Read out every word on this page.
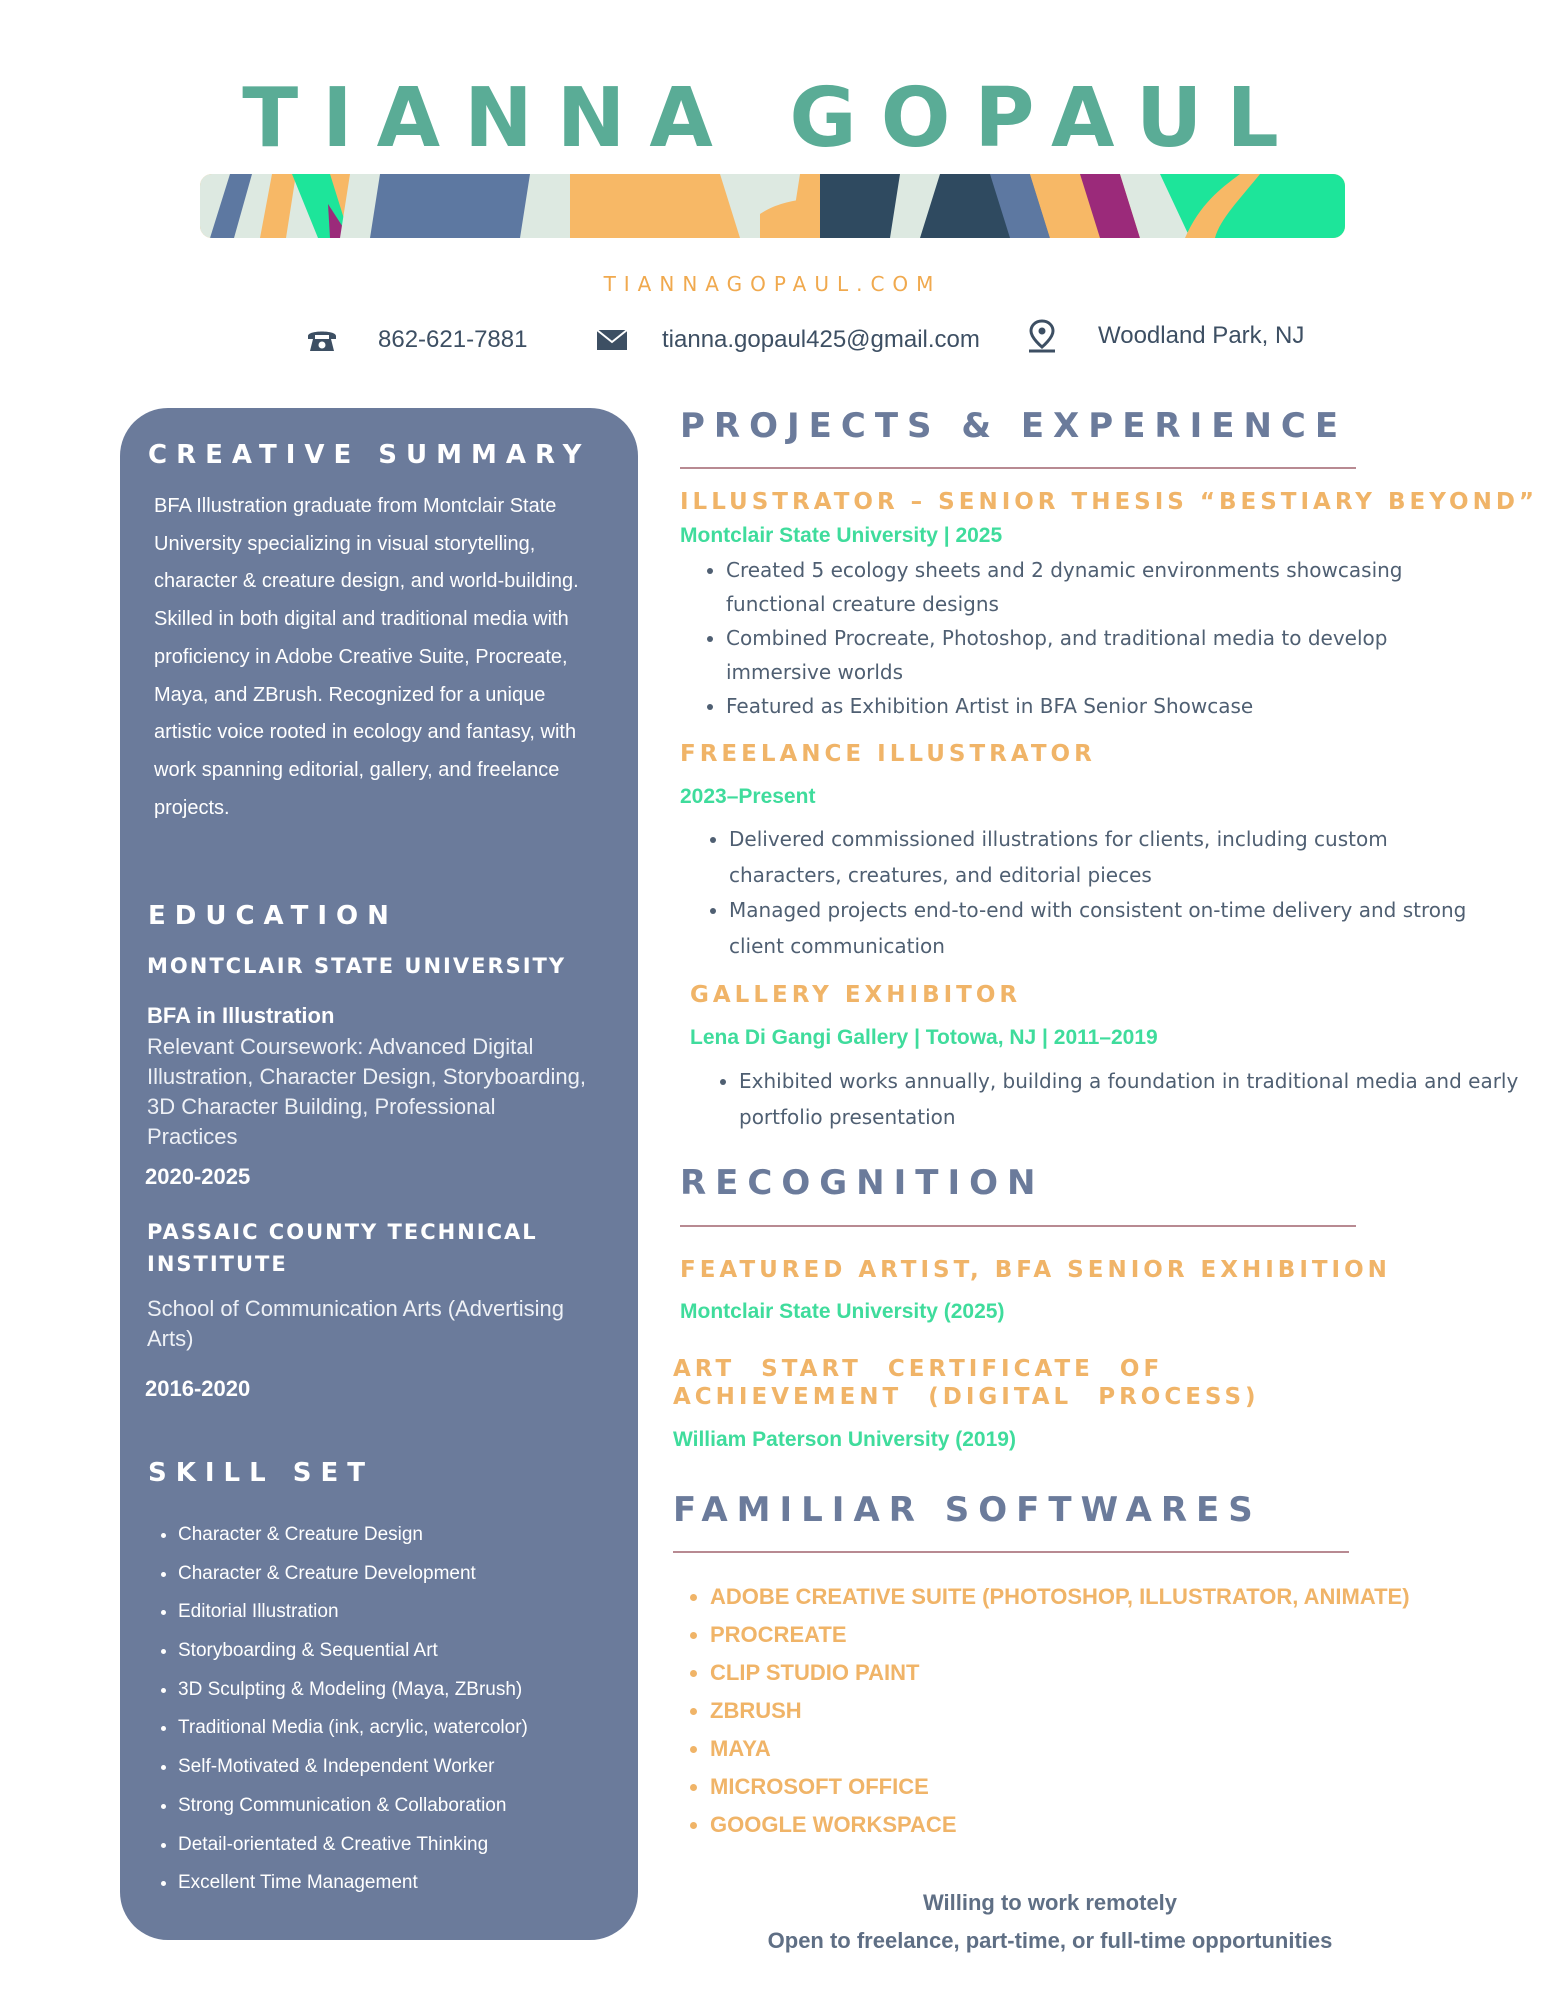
TIANNA GOPAUL
TIANNAGOPAUL.COM
862-621-7881	tianna.gopaul425@gmail.com	Woodland Park, NJ
CREATIVE SUMMARY
BFA Illustration graduate from Montclair State University specializing in visual storytelling, character & creature design, and world-building. Skilled in both digital and traditional media with proficiency in Adobe Creative Suite, Procreate, Maya, and ZBrush. Recognized for a unique artistic voice rooted in ecology and fantasy, with work spanning editorial, gallery, and freelance projects.
EDUCATION
MONTCLAIR STATE UNIVERSITY
BFA in Illustration
Relevant Coursework: Advanced Digital Illustration, Character Design, Storyboarding, 3D Character Building, Professional Practices
2020-2025
PASSAIC COUNTY TECHNICAL INSTITUTE
School of Communication Arts (Advertising Arts)
2016-2020
SKILL SET
• Character & Creature Design
• Character & Creature Development
• Editorial Illustration
• Storyboarding & Sequential Art
• 3D Sculpting & Modeling (Maya, ZBrush)
• Traditional Media (ink, acrylic, watercolor)
• Self-Motivated & Independent Worker
• Strong Communication & Collaboration
• Detail-orientated & Creative Thinking
• Excellent Time Management
PROJECTS & EXPERIENCE
ILLUSTRATOR – SENIOR THESIS “BESTIARY BEYOND”
Montclair State University | 2025
• Created 5 ecology sheets and 2 dynamic environments showcasing functional creature designs
• Combined Procreate, Photoshop, and traditional media to develop immersive worlds
• Featured as Exhibition Artist in BFA Senior Showcase
FREELANCE ILLUSTRATOR
2023–Present
• Delivered commissioned illustrations for clients, including custom characters, creatures, and editorial pieces
• Managed projects end-to-end with consistent on-time delivery and strong client communication
GALLERY EXHIBITOR
Lena Di Gangi Gallery | Totowa, NJ | 2011–2019
• Exhibited works annually, building a foundation in traditional media and early portfolio presentation
RECOGNITION
FEATURED ARTIST, BFA SENIOR EXHIBITION
Montclair State University (2025)
ART START CERTIFICATE OF ACHIEVEMENT (DIGITAL PROCESS)
William Paterson University (2019)
FAMILIAR SOFTWARES
• ADOBE CREATIVE SUITE (PHOTOSHOP, ILLUSTRATOR, ANIMATE)
• PROCREATE
• CLIP STUDIO PAINT
• ZBRUSH
• MAYA
• MICROSOFT OFFICE
• GOOGLE WORKSPACE
Willing to work remotely
Open to freelance, part-time, or full-time opportunities
